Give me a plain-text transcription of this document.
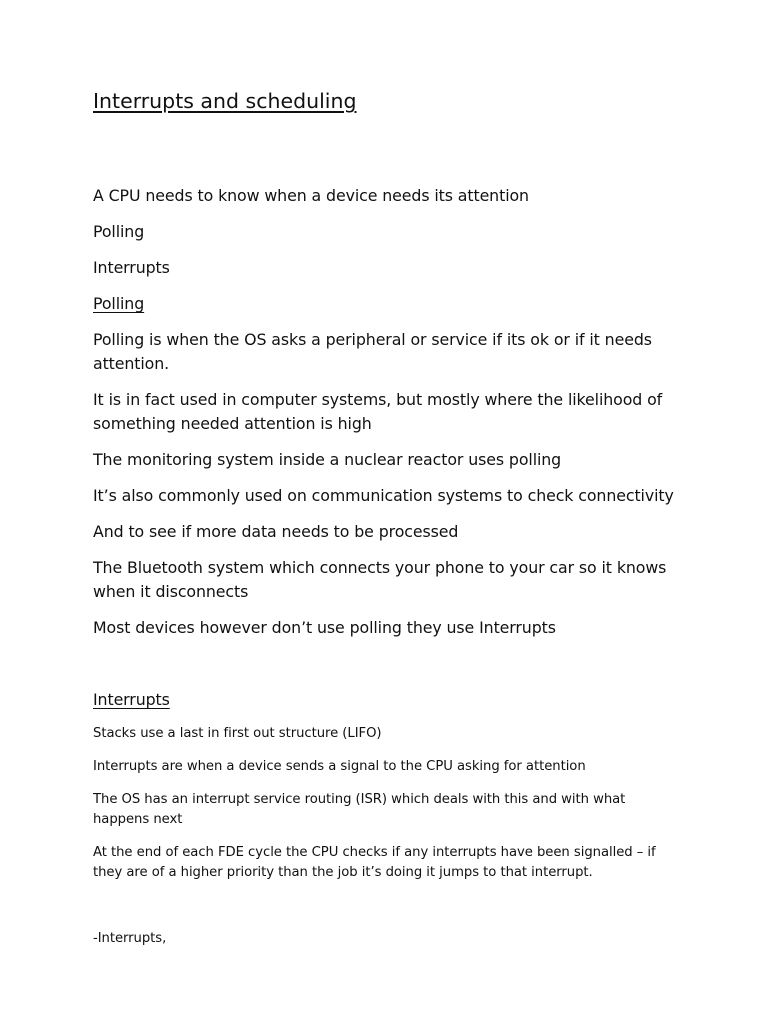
Interrupts and scheduling

A CPU needs to know when a device needs its attention

Polling

Interrupts

Polling

Polling is when the OS asks a peripheral or service if its ok or if it needs attention.

It is in fact used in computer systems, but mostly where the likelihood of something needed attention is high

The monitoring system inside a nuclear reactor uses polling

It’s also commonly used on communication systems to check connectivity

And to see if more data needs to be processed

The Bluetooth system which connects your phone to your car so it knows when it disconnects

Most devices however don’t use polling they use Interrupts

Interrupts

Stacks use a last in first out structure (LIFO)

Interrupts are when a device sends a signal to the CPU asking for attention

The OS has an interrupt service routing (ISR) which deals with this and with what happens next

At the end of each FDE cycle the CPU checks if any interrupts have been signalled – if they are of a higher priority than the job it’s doing it jumps to that interrupt.

-Interrupts,
